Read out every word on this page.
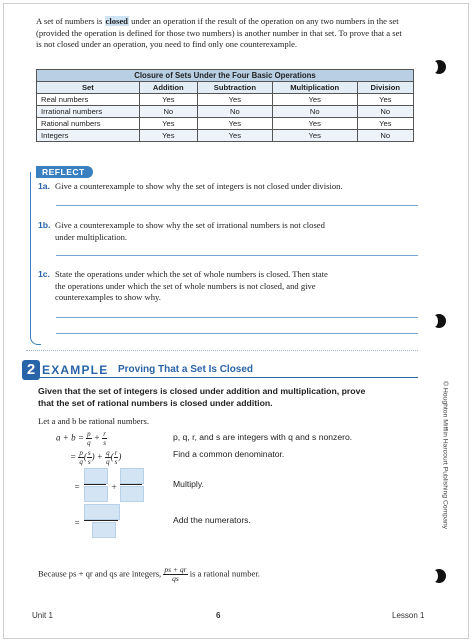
A set of numbers is closed under an operation if the result of the operation on any two numbers in the set (provided the operation is defined for those two numbers) is another number in that set. To prove that a set is not closed under an operation, you need to find only one counterexample.
Closure of Sets Under the Four Basic Operations				
Set	Addition	Subtraction	Multiplication	Division
Real numbers	Yes	Yes	Yes	Yes
Irrational numbers	No	No	No	No
Rational numbers	Yes	Yes	Yes	Yes
Integers	Yes	Yes	Yes	No
REFLECT
1a. Give a counterexample to show why the set of integers is not closed under division.
1b. Give a counterexample to show why the set of irrational numbers is not closed
under multiplication.
1c. State the operations under which the set of whole numbers is closed. Then state
the operations under which the set of whole numbers is not closed, and give
counterexamples to show why.
2 EXAMPLE Proving That a Set Is Closed
Given that the set of integers is closed under addition and multiplication, prove that the set of rational numbers is closed under addition.
Let a and b be rational numbers.
$a + b = \frac{p}{q} + \frac{r}{s}$	p, q, r, and s are integers with q and s nonzero.
= $\frac{p}{q}$ ( $\frac{s}{s}$ ) + $\frac{q}{q}$ ( $\frac{r}{s}$ )	Find a common denominator.
=	+	Multiply.
=	Add the numerators.
Because ps + qr and qs are integers, $\frac{ps + qr}{qs}$ is a rational number.
Unit 1	6	Lesson 1
© Houghton Mifflin Harcourt Publishing Company
